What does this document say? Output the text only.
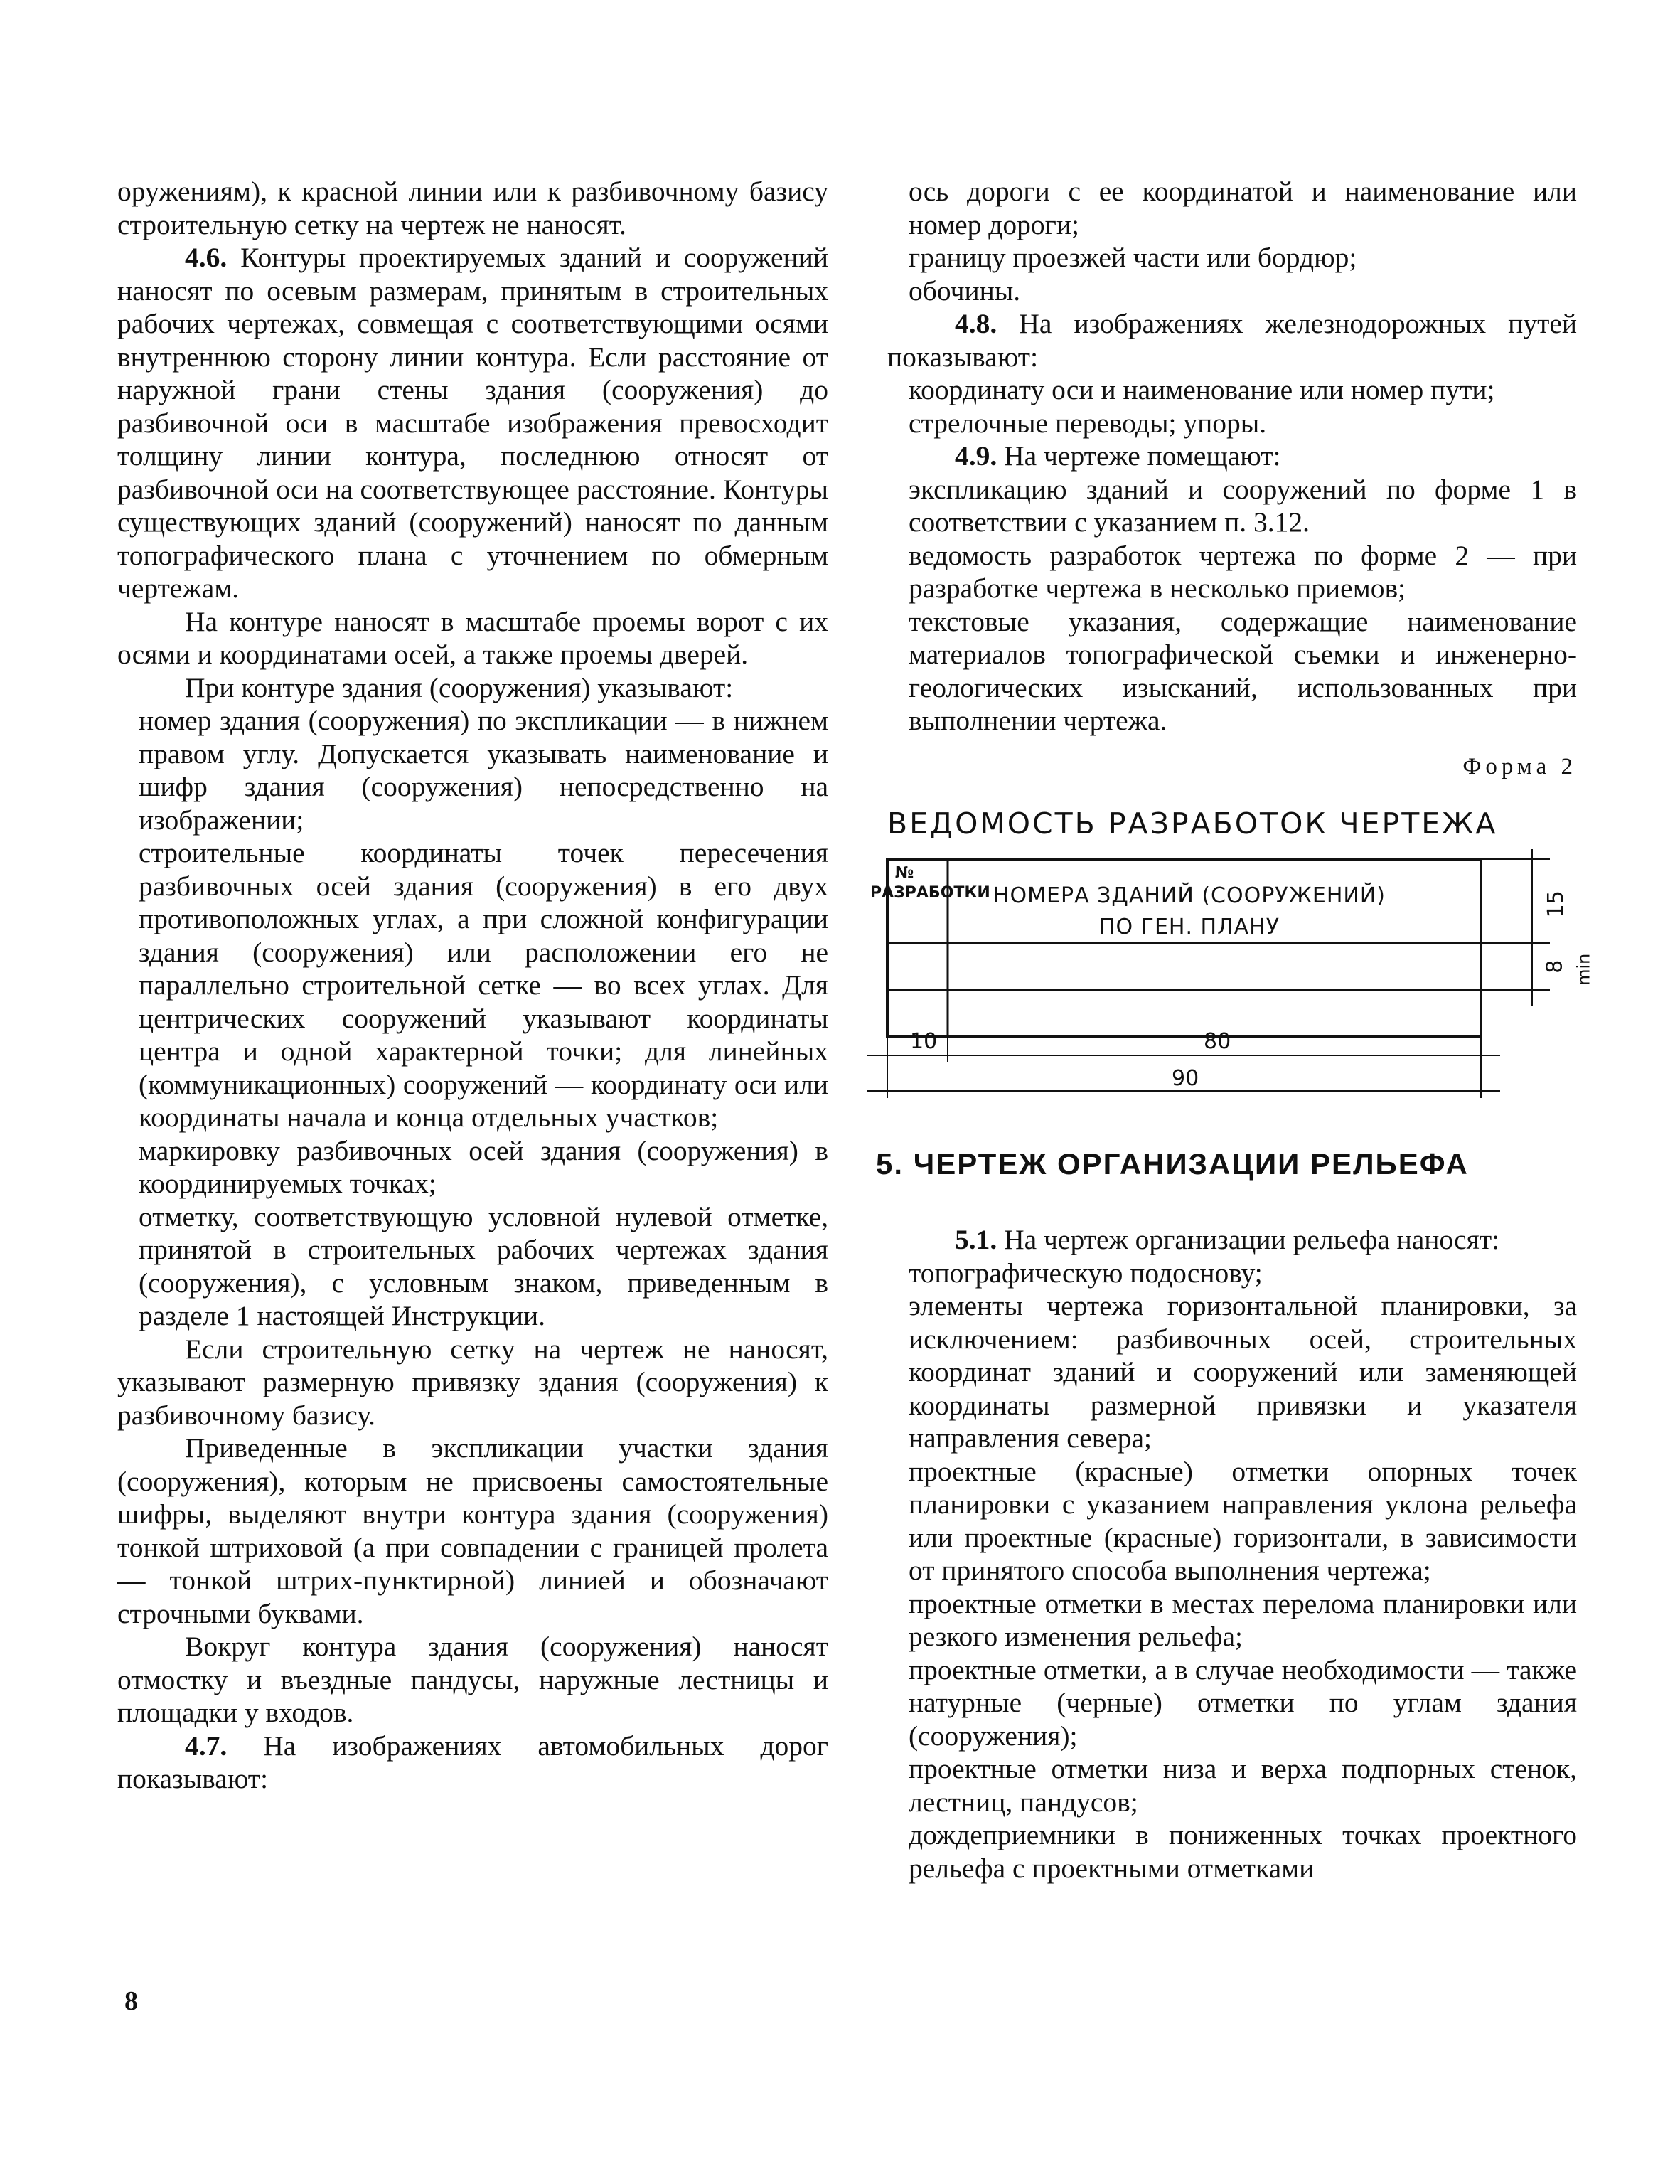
оружениям), к красной линии или к разбивочному базису строительную сетку на чертеж не наносят.

4.6. Контуры проектируемых зданий и сооружений наносят по осевым размерам, принятым в строительных рабочих чертежах, совмещая с соответствующими осями внутреннюю сторону линии контура. Если расстояние от наружной грани стены здания (сооружения) до разбивочной оси в масштабе изображения превосходит толщину линии контура, последнюю относят от разбивочной оси на соответствующее расстояние. Контуры существующих зданий (сооружений) наносят по данным топографического плана с уточнением по обмерным чертежам.

На контуре наносят в масштабе проемы ворот с их осями и координатами осей, а также проемы дверей.

При контуре здания (сооружения) указывают:

номер здания (сооружения) по экспликации — в нижнем правом углу. Допускается указывать наименование и шифр здания (сооружения) непосредственно на изображении;

строительные координаты точек пересечения разбивочных осей здания (сооружения) в его двух противоположных углах, а при сложной конфигурации здания (сооружения) или расположении его не параллельно строительной сетке — во всех углах. Для центрических сооружений указывают координаты центра и одной характерной точки; для линейных (коммуникационных) сооружений — координату оси или координаты начала и конца отдельных участков;

маркировку разбивочных осей здания (сооружения) в координируемых точках;

отметку, соответствующую условной нулевой отметке, принятой в строительных рабочих чертежах здания (сооружения), с условным знаком, приведенным в разделе 1 настоящей Инструкции.

Если строительную сетку на чертеж не наносят, указывают размерную привязку здания (сооружения) к разбивочному базису.

Приведенные в экспликации участки здания (сооружения), которым не присвоены самостоятельные шифры, выделяют внутри контура здания (сооружения) тонкой штриховой (а при совпадении с границей пролета — тонкой штрих-пунктирной) линией и обозначают строчными буквами.

Вокруг контура здания (сооружения) наносят отмостку и въездные пандусы, наружные лестницы и площадки у входов.

4.7. На изображениях автомобильных дорог показывают:

ось дороги с ее координатой и наименование или номер дороги;

границу проезжей части или бордюр;

обочины.

4.8. На изображениях железнодорожных путей показывают:

координату оси и наименование или номер пути;

стрелочные переводы; упоры.

4.9. На чертеже помещают:

экспликацию зданий и сооружений по форме 1 в соответствии с указанием п. 3.12.

ведомость разработок чертежа по форме 2 — при разработке чертежа в несколько приемов;

текстовые указания, содержащие наименование материалов топографической съемки и инженерно-геологических изысканий, использованных при выполнении чертежа.

Форма 2

ВЕДОМОСТЬ РАЗРАБОТОК ЧЕРТЕЖА

№ РАЗРАБОТКИ НОМЕРА ЗДАНИЙ (СООРУЖЕНИЙ)
ПО ГЕН. ПЛАНУ
15
8 min
10	80
90

5. ЧЕРТЕЖ ОРГАНИЗАЦИИ РЕЛЬЕФА

5.1. На чертеж организации рельефа наносят:

топографическую подоснову;

элементы чертежа горизонтальной планировки, за исключением: разбивочных осей, строительных координат зданий и сооружений или заменяющей координаты размерной привязки и указателя направления севера;

проектные (красные) отметки опорных точек планировки с указанием направления уклона рельефа или проектные (красные) горизонтали, в зависимости от принятого способа выполнения чертежа;

проектные отметки в местах перелома планировки или резкого изменения рельефа;

проектные отметки, а в случае необходимости — также натурные (черные) отметки по углам здания (сооружения);

проектные отметки низа и верха подпорных стенок, лестниц, пандусов;

дождеприемники в пониженных точках проектного рельефа с проектными отметками

8
